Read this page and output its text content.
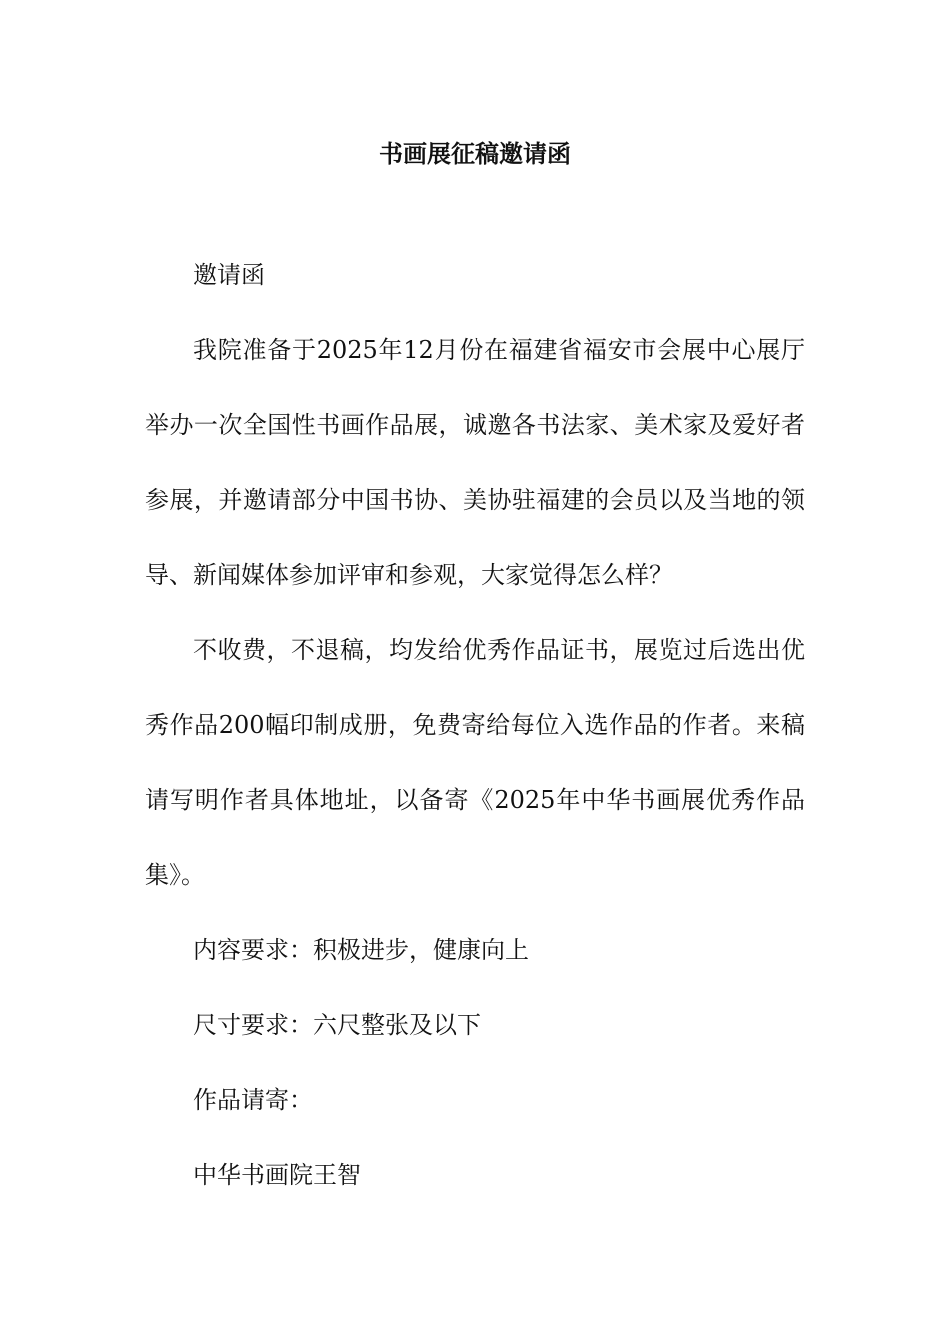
书画展征稿邀请函

邀请函

我院准备于2025年12月份在福建省福安市会展中心展厅举办一次全国性书画作品展，诚邀各书法家、美术家及爱好者参展，并邀请部分中国书协、美协驻福建的会员以及当地的领导、新闻媒体参加评审和参观，大家觉得怎么样？

不收费，不退稿，均发给优秀作品证书，展览过后选出优秀作品200幅印制成册，免费寄给每位入选作品的作者。来稿请写明作者具体地址，以备寄《2025年中华书画展优秀作品集》。

内容要求：积极进步，健康向上

尺寸要求：六尺整张及以下

作品请寄：

中华书画院王智
